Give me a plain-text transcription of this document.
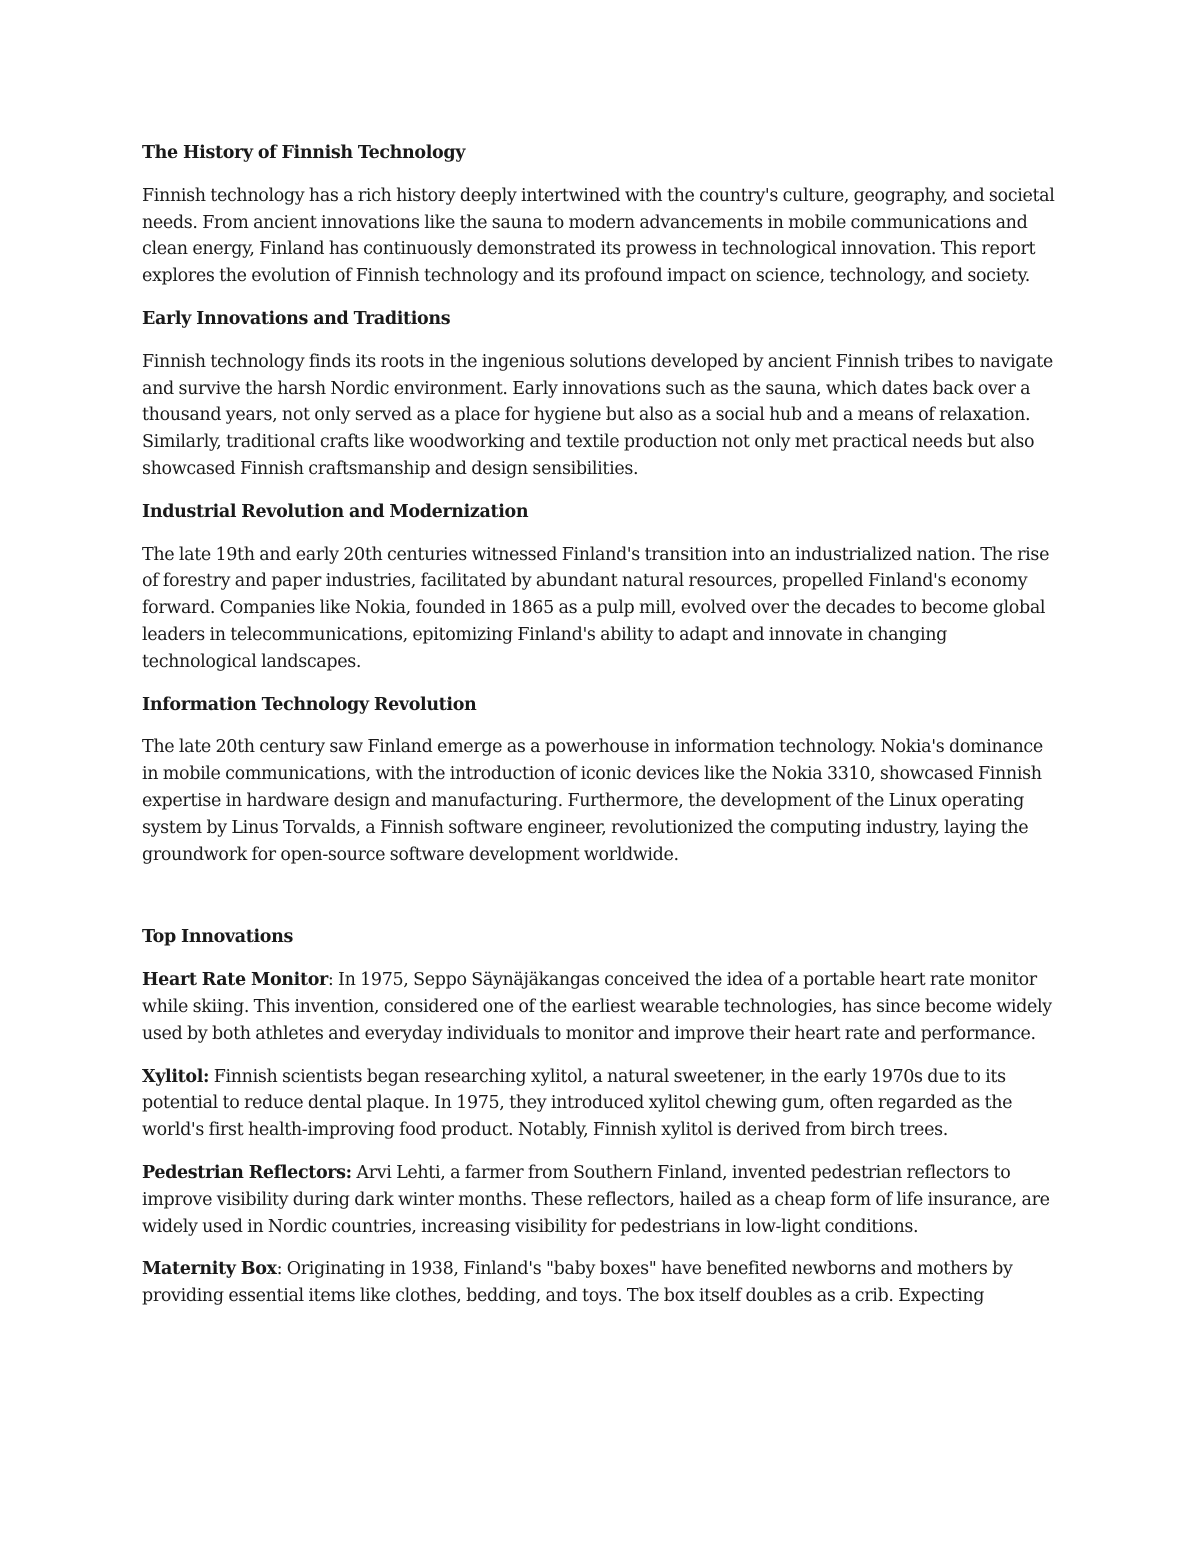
The History of Finnish Technology
Finnish technology has a rich history deeply intertwined with the country's culture, geography, and societal needs. From ancient innovations like the sauna to modern advancements in mobile communications and clean energy, Finland has continuously demonstrated its prowess in technological innovation. This report explores the evolution of Finnish technology and its profound impact on science, technology, and society.
Early Innovations and Traditions
Finnish technology finds its roots in the ingenious solutions developed by ancient Finnish tribes to navigate and survive the harsh Nordic environment. Early innovations such as the sauna, which dates back over a thousand years, not only served as a place for hygiene but also as a social hub and a means of relaxation. Similarly, traditional crafts like woodworking and textile production not only met practical needs but also showcased Finnish craftsmanship and design sensibilities.
Industrial Revolution and Modernization
The late 19th and early 20th centuries witnessed Finland's transition into an industrialized nation. The rise of forestry and paper industries, facilitated by abundant natural resources, propelled Finland's economy forward. Companies like Nokia, founded in 1865 as a pulp mill, evolved over the decades to become global leaders in telecommunications, epitomizing Finland's ability to adapt and innovate in changing technological landscapes.
Information Technology Revolution
The late 20th century saw Finland emerge as a powerhouse in information technology. Nokia's dominance in mobile communications, with the introduction of iconic devices like the Nokia 3310, showcased Finnish expertise in hardware design and manufacturing. Furthermore, the development of the Linux operating system by Linus Torvalds, a Finnish software engineer, revolutionized the computing industry, laying the groundwork for open-source software development worldwide.
Top Innovations
Heart Rate Monitor: In 1975, Seppo Säynäjäkangas conceived the idea of a portable heart rate monitor while skiing. This invention, considered one of the earliest wearable technologies, has since become widely used by both athletes and everyday individuals to monitor and improve their heart rate and performance.
Xylitol: Finnish scientists began researching xylitol, a natural sweetener, in the early 1970s due to its potential to reduce dental plaque. In 1975, they introduced xylitol chewing gum, often regarded as the world's first health-improving food product. Notably, Finnish xylitol is derived from birch trees.
Pedestrian Reflectors: Arvi Lehti, a farmer from Southern Finland, invented pedestrian reflectors to improve visibility during dark winter months. These reflectors, hailed as a cheap form of life insurance, are widely used in Nordic countries, increasing visibility for pedestrians in low-light conditions.
Maternity Box: Originating in 1938, Finland's "baby boxes" have benefited newborns and mothers by providing essential items like clothes, bedding, and toys. The box itself doubles as a crib. Expecting
